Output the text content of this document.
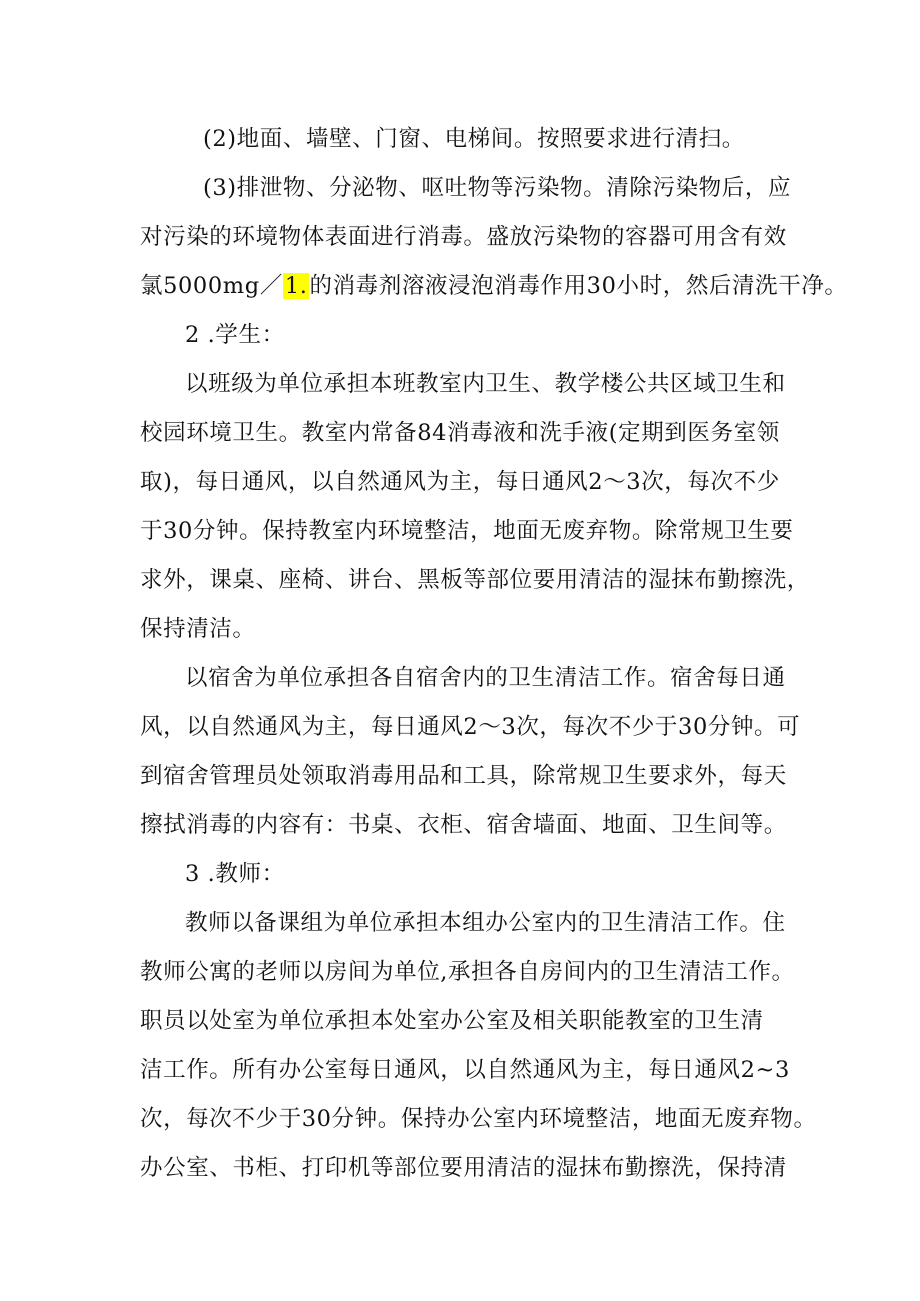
(2)地面、墙壁、门窗、电梯间。按照要求进行清扫。
(3)排泄物、分泌物、呕吐物等污染物。清除污染物后，应
对污染的环境物体表面进行消毒。盛放污染物的容器可用含有效
氯5000mg／1.的消毒剂溶液浸泡消毒作用30小时，然后清洗干净。
2 .学生：
以班级为单位承担本班教室内卫生、教学楼公共区域卫生和
校园环境卫生。教室内常备84消毒液和洗手液(定期到医务室领
取)，每日通风，以自然通风为主，每日通风2～3次，每次不少
于30分钟。保持教室内环境整洁，地面无废弃物。除常规卫生要
求外，课桌、座椅、讲台、黑板等部位要用清洁的湿抹布勤擦洗，
保持清洁。
以宿舍为单位承担各自宿舍内的卫生清洁工作。宿舍每日通
风，以自然通风为主，每日通风2～3次，每次不少于30分钟。可
到宿舍管理员处领取消毒用品和工具，除常规卫生要求外，每天
擦拭消毒的内容有：书桌、衣柜、宿舍墙面、地面、卫生间等。
3 .教师：
教师以备课组为单位承担本组办公室内的卫生清洁工作。住
教师公寓的老师以房间为单位,承担各自房间内的卫生清洁工作。
职员以处室为单位承担本处室办公室及相关职能教室的卫生清
洁工作。所有办公室每日通风，以自然通风为主，每日通风2~3
次，每次不少于30分钟。保持办公室内环境整洁，地面无废弃物。
办公室、书柜、打印机等部位要用清洁的湿抹布勤擦洗，保持清
